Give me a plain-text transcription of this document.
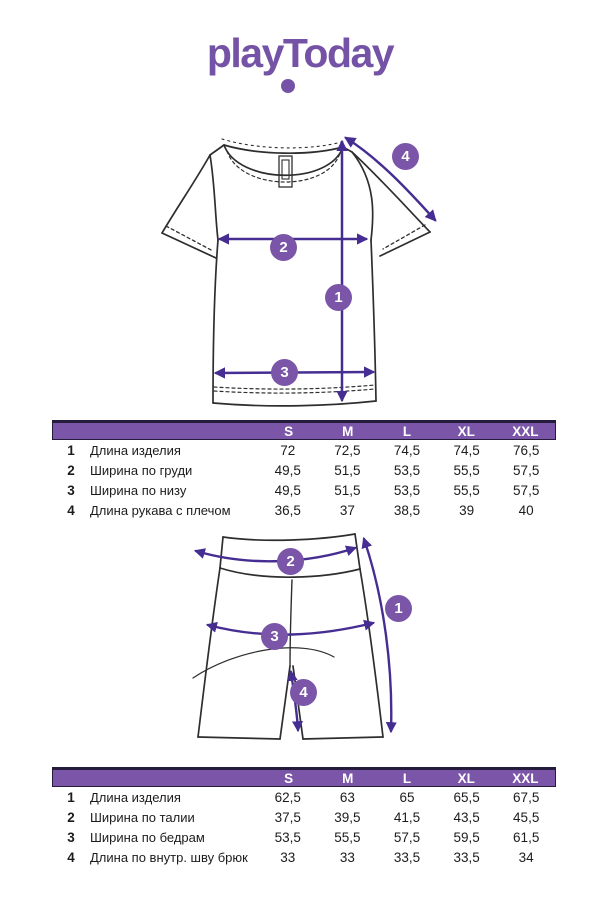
playToday
1
2
3
4
S	M	L	XL	XXL
1	Длина изделия	72	72,5	74,5	74,5	76,5
2	Ширина по груди	49,5	51,5	53,5	55,5	57,5
3	Ширина по низу	49,5	51,5	53,5	55,5	57,5
4	Длина рукава с плечом	36,5	37	38,5	39	40
1
2
3
4
S	M	L	XL	XXL
1	Длина изделия	62,5	63	65	65,5	67,5
2	Ширина по талии	37,5	39,5	41,5	43,5	45,5
3	Ширина по бедрам	53,5	55,5	57,5	59,5	61,5
4	Длина по внутр. шву брюк	33	33	33,5	33,5	34
